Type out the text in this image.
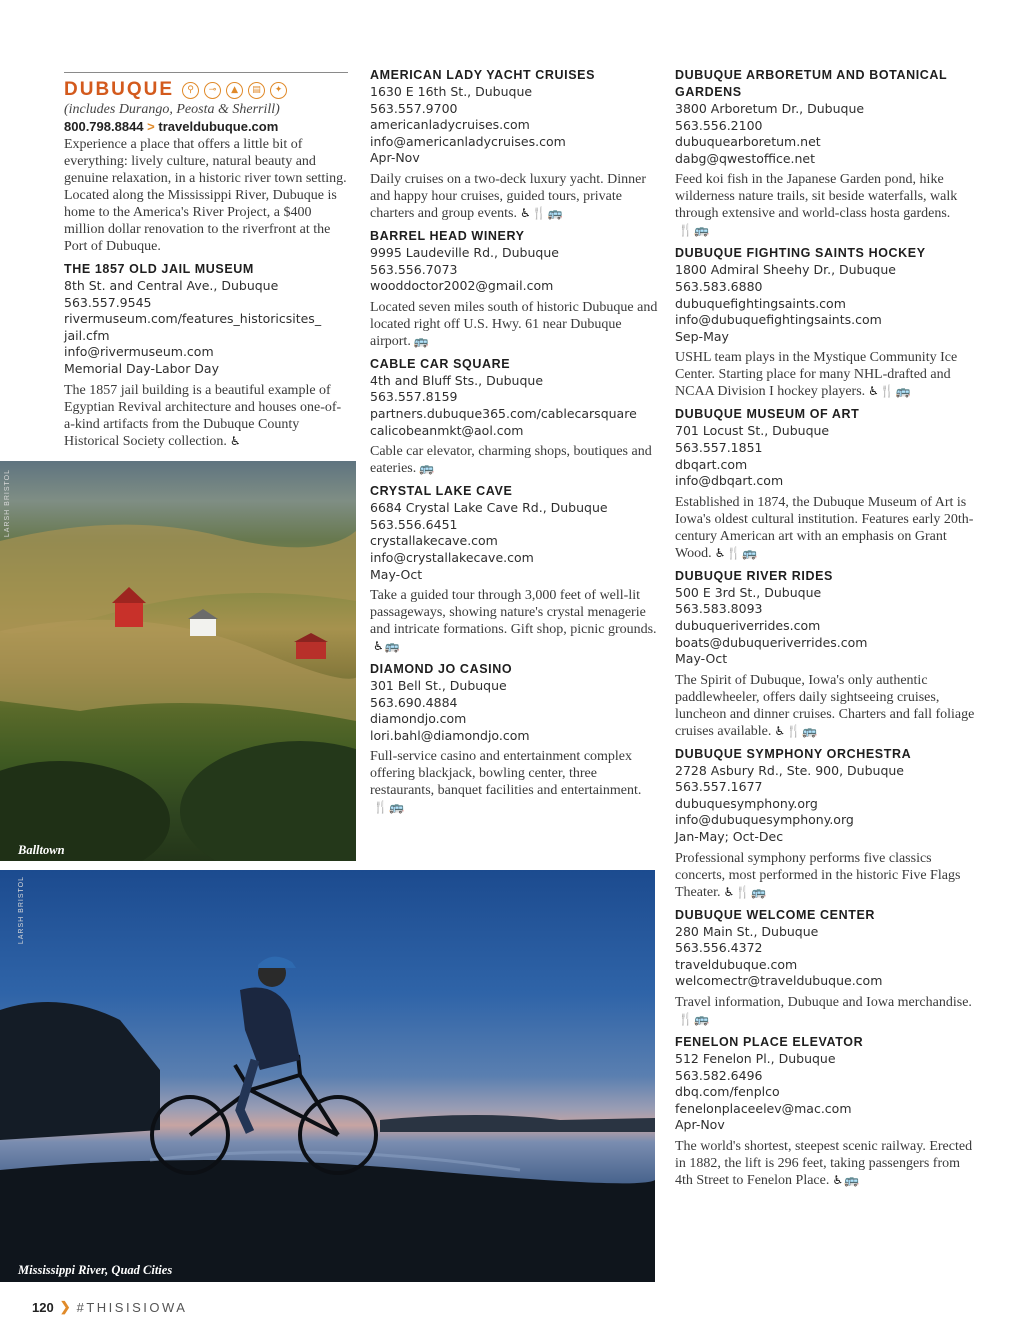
DUBUQUE	⚲	⊸	▲	▤	✦
(includes Durango, Peosta & Sherrill)
800.798.8844 > traveldubuque.com
Experience a place that offers a little bit of everything: lively culture, natural beauty and genuine relaxation, in a historic river town setting. Located along the Mississippi River, Dubuque is home to the America's River Project, a $400 million dollar renovation to the riverfront at the Port of Dubuque.
THE 1857 OLD JAIL MUSEUM
8th St. and Central Ave., Dubuque
563.557.9545
rivermuseum.com/features_historicsites_
jail.cfm
info@rivermuseum.com
Memorial Day-Labor Day
The 1857 jail building is a beautiful example of Egyptian Revival architecture and houses one-of-a-kind artifacts from the Dubuque County Historical Society collection. ♿
AMERICAN LADY YACHT CRUISES
1630 E 16th St., Dubuque
563.557.9700
americanladycruises.com
info@americanladycruises.com
Apr-Nov
Daily cruises on a two-deck luxury yacht. Dinner and happy hour cruises, guided tours, private charters and group events. ♿🍴🚌
BARREL HEAD WINERY
9995 Laudeville Rd., Dubuque
563.556.7073
wooddoctor2002@gmail.com
Located seven miles south of historic Dubuque and located right off U.S. Hwy. 61 near Dubuque airport. 🚌
CABLE CAR SQUARE
4th and Bluff Sts., Dubuque
563.557.8159
partners.dubuque365.com/cablecarsquare
calicobeanmkt@aol.com
Cable car elevator, charming shops, boutiques and eateries. 🚌
CRYSTAL LAKE CAVE
6684 Crystal Lake Cave Rd., Dubuque
563.556.6451
crystallakecave.com
info@crystallakecave.com
May-Oct
Take a guided tour through 3,000 feet of well-lit passageways, showing nature's crystal menagerie and intricate formations. Gift shop, picnic grounds.♿🚌
DIAMOND JO CASINO
301 Bell St., Dubuque
563.690.4884
diamondjo.com
lori.bahl@diamondjo.com
Full-service casino and entertainment complex offering blackjack, bowling center, three restaurants, banquet facilities and entertainment.🍴🚌
DUBUQUE ARBORETUM AND BOTANICAL GARDENS
3800 Arboretum Dr., Dubuque
563.556.2100
dubuquearboretum.net
dabg@qwestoffice.net
Feed koi fish in the Japanese Garden pond, hike wilderness nature trails, sit beside waterfalls, walk through extensive and world-class hosta gardens.🍴🚌
DUBUQUE FIGHTING SAINTS HOCKEY
1800 Admiral Sheehy Dr., Dubuque
563.583.6880
dubuquefightingsaints.com
info@dubuquefightingsaints.com
Sep-May
USHL team plays in the Mystique Community Ice Center. Starting place for many NHL-drafted and NCAA Division I hockey players. ♿🍴🚌
DUBUQUE MUSEUM OF ART
701 Locust St., Dubuque
563.557.1851
dbqart.com
info@dbqart.com
Established in 1874, the Dubuque Museum of Art is Iowa's oldest cultural institution. Features early 20th-century American art with an emphasis on Grant Wood. ♿🍴🚌
DUBUQUE RIVER RIDES
500 E 3rd St., Dubuque
563.583.8093
dubuqueriverrides.com
boats@dubuqueriverrides.com
May-Oct
The Spirit of Dubuque, Iowa's only authentic paddlewheeler, offers daily sightseeing cruises, luncheon and dinner cruises. Charters and fall foliage cruises available. ♿🍴🚌
DUBUQUE SYMPHONY ORCHESTRA
2728 Asbury Rd., Ste. 900, Dubuque
563.557.1677
dubuquesymphony.org
info@dubuquesymphony.org
Jan-May; Oct-Dec
Professional symphony performs five classics concerts, most performed in the historic Five Flags Theater. ♿🍴🚌
DUBUQUE WELCOME CENTER
280 Main St., Dubuque
563.556.4372
traveldubuque.com
welcomectr@traveldubuque.com
Travel information, Dubuque and Iowa merchandise.🍴🚌
FENELON PLACE ELEVATOR
512 Fenelon Pl., Dubuque
563.582.6496
dbq.com/fenplco
fenelonplaceelev@mac.com
Apr-Nov
The world's shortest, steepest scenic railway. Erected in 1882, the lift is 296 feet, taking passengers from 4th Street to Fenelon Place. ♿🚌
LARSH BRISTOL
Balltown
LARSH BRISTOL
Mississippi River, Quad Cities
120 ❯ #THISISIOWA
